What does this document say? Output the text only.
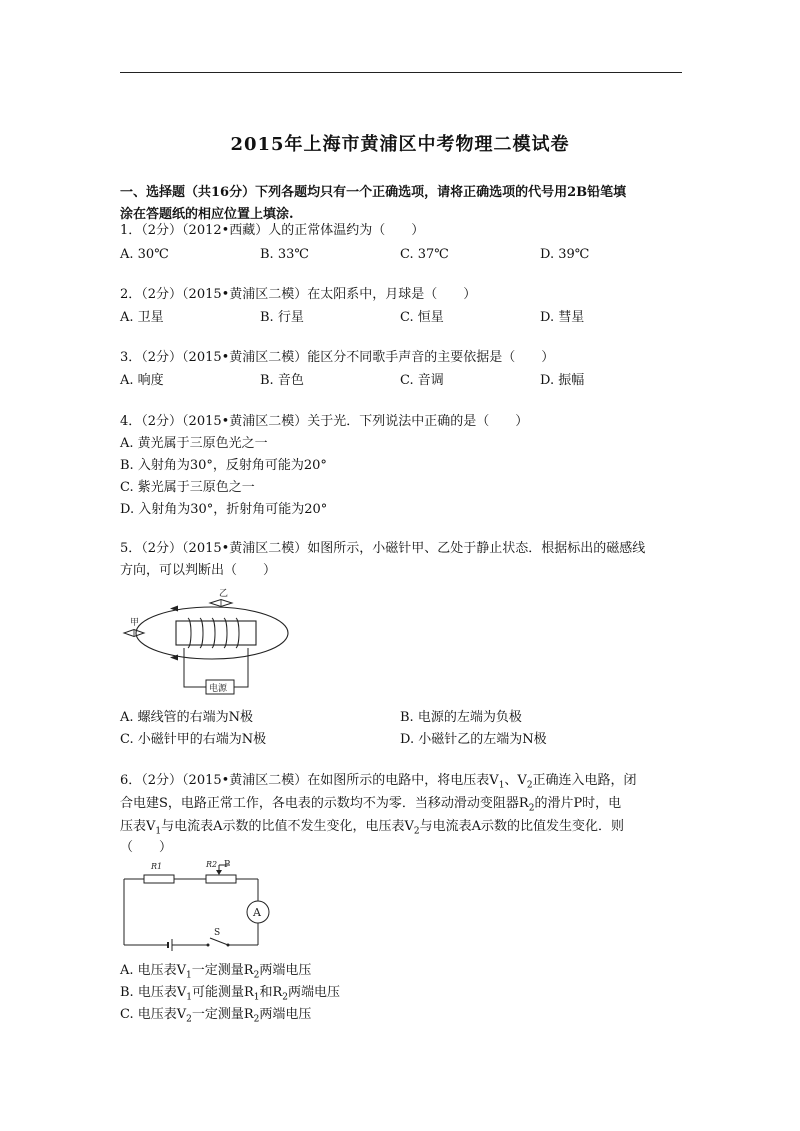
2015年上海市黄浦区中考物理二模试卷
一、选择题（共16分）下列各题均只有一个正确选项，请将正确选项的代号用2B铅笔填
涂在答题纸的相应位置上填涂.
1．（2分）（2012•西藏）人的正常体温约为（　　）
A. 30℃	B. 33℃	C. 37℃	D. 39℃
2．（2分）（2015•黄浦区二模）在太阳系中，月球是（　　）
A. 卫星	B. 行星	C. 恒星	D. 彗星
3．（2分）（2015•黄浦区二模）能区分不同歌手声音的主要依据是（　　）
A. 响度	B. 音色	C. 音调	D. 振幅
4．（2分）（2015•黄浦区二模）关于光．下列说法中正确的是（　　）
A. 黄光属于三原色光之一
B. 入射角为30°，反射角可能为20°
C. 紫光属于三原色之一
D. 入射角为30°，折射角可能为20°
5．（2分）（2015•黄浦区二模）如图所示，小磁针甲、乙处于静止状态．根据标出的磁感线
方向，可以判断出（　　）
乙
甲
电源
A. 螺线管的右端为N极	B. 电源的左端为负极
C. 小磁针甲的右端为N极	D. 小磁针乙的左端为N极
6．（2分）（2015•黄浦区二模）在如图所示的电路中，将电压表$V_1$、$V_2$正确连入电路，闭
合电建S，电路正常工作，各电表的示数均不为零．当移动滑动变阻器$R_2$的滑片P时，电
压表$V_1$与电流表A示数的比值不发生变化，电压表$V_2$与电流表A示数的比值发生变化．则
（　　）
R1	R2 P
A
S
A. 电压表$V_1$一定测量$R_2$两端电压
B. 电压表$V_1$可能测量$R_1$和$R_2$两端电压
C. 电压表$V_2$一定测量$R_2$两端电压
